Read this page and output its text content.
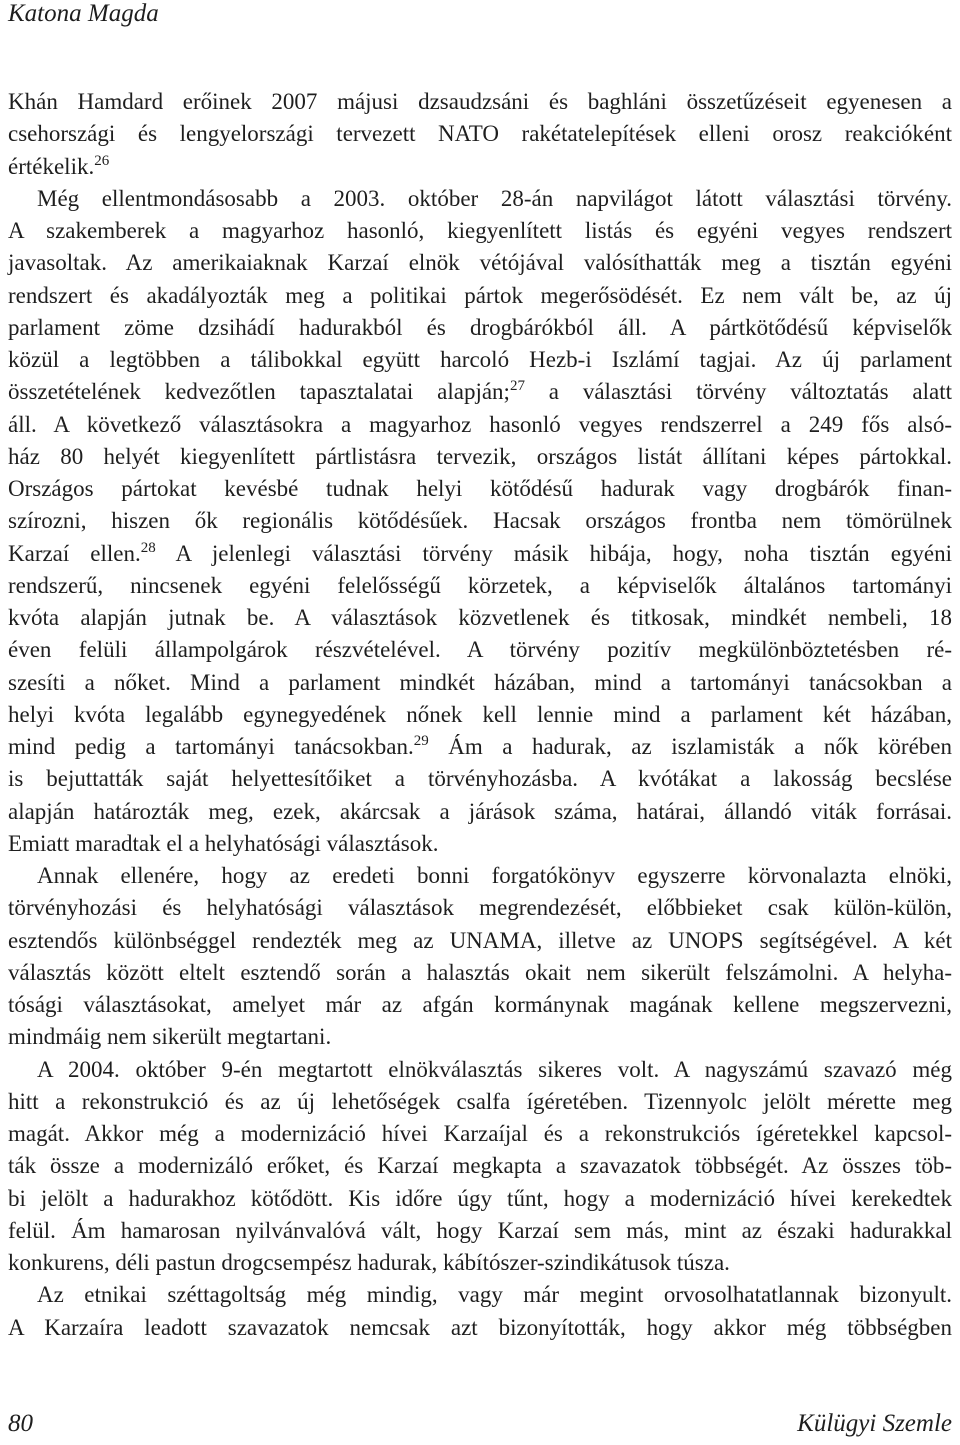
Katona Magda
Khán Hamdard erőinek 2007 májusi dzsaudzsáni és baghláni összetűzéseit egyenesen a
csehországi és lengyelországi tervezett NATO rakétatelepítések elleni orosz reakcióként
értékelik.$^{26}$
Még ellentmondásosabb a 2003. október 28-án napvilágot látott választási törvény.
A szakemberek a magyarhoz hasonló, kiegyenlített listás és egyéni vegyes rendszert
javasoltak. Az amerikaiaknak Karzaí elnök vétójával valósíthatták meg a tisztán egyéni
rendszert és akadályozták meg a politikai pártok megerősödését. Ez nem vált be, az új
parlament zöme dzsihádí hadurakból és drogbárókból áll. A pártkötődésű képviselők
közül a legtöbben a tálibokkal együtt harcoló Hezb-i Iszlámí tagjai. Az új parlament
összetételének kedvezőtlen tapasztalatai alapján;$^{27}$ a választási törvény változtatás alatt
áll. A következő választásokra a magyarhoz hasonló vegyes rendszerrel a 249 fős alsó-
ház 80 helyét kiegyenlített pártlistásra tervezik, országos listát állítani képes pártokkal.
Országos pártokat kevésbé tudnak helyi kötődésű hadurak vagy drogbárók finan-
szírozni, hiszen ők regionális kötődésűek. Hacsak országos frontba nem tömörülnek
Karzaí ellen.$^{28}$ A jelenlegi választási törvény másik hibája, hogy, noha tisztán egyéni
rendszerű, nincsenek egyéni felelősségű körzetek, a képviselők általános tartományi
kvóta alapján jutnak be. A választások közvetlenek és titkosak, mindkét nembeli, 18
éven felüli állampolgárok részvételével. A törvény pozitív megkülönböztetésben ré-
szesíti a nőket. Mind a parlament mindkét házában, mind a tartományi tanácsokban a
helyi kvóta legalább egynegyedének nőnek kell lennie mind a parlament két házában,
mind pedig a tartományi tanácsokban.$^{29}$ Ám a hadurak, az iszlamisták a nők körében
is bejuttatták saját helyettesítőiket a törvényhozásba. A kvótákat a lakosság becslése
alapján határozták meg, ezek, akárcsak a járások száma, határai, állandó viták forrásai.
Emiatt maradtak el a helyhatósági választások.
Annak ellenére, hogy az eredeti bonni forgatókönyv egyszerre körvonalazta elnöki,
törvényhozási és helyhatósági választások megrendezését, előbbieket csak külön-külön,
esztendős különbséggel rendezték meg az UNAMA, illetve az UNOPS segítségével. A két
választás között eltelt esztendő során a halasztás okait nem sikerült felszámolni. A helyha-
tósági választásokat, amelyet már az afgán kormánynak magának kellene megszervezni,
mindmáig nem sikerült megtartani.
A 2004. október 9-én megtartott elnökválasztás sikeres volt. A nagyszámú szavazó még
hitt a rekonstrukció és az új lehetőségek csalfa ígéretében. Tizennyolc jelölt mérette meg
magát. Akkor még a modernizáció hívei Karzaíjal és a rekonstrukciós ígéretekkel kapcsol-
ták össze a modernizáló erőket, és Karzaí megkapta a szavazatok többségét. Az összes töb-
bi jelölt a hadurakhoz kötődött. Kis időre úgy tűnt, hogy a modernizáció hívei kerekedtek
felül. Ám hamarosan nyilvánvalóvá vált, hogy Karzaí sem más, mint az északi hadurakkal
konkurens, déli pastun drogcsempész hadurak, kábítószer-szindikátusok túsza.
Az etnikai széttagoltság még mindig, vagy már megint orvosolhatatlannak bizonyult.
A Karzaíra leadott szavazatok nemcsak azt bizonyították, hogy akkor még többségben
80	Külügyi Szemle
